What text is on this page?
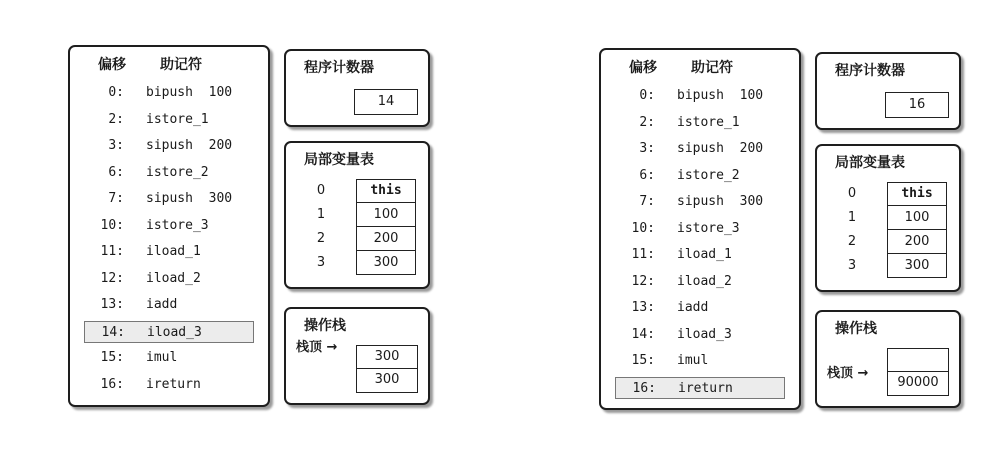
偏移 助记符
0: bipush  100
2: istore_1
3: sipush  200
6: istore_2
7: sipush  300
10: istore_3
11: iload_1
12: iload_2
13: iadd
14: iload_3
15: imul
16: ireturn
程序计数器
14
局部变量表
0	this
1	100
2	200
3	300
操作栈
栈顶 →
300
300
偏移 助记符
0: bipush  100
2: istore_1
3: sipush  200
6: istore_2
7: sipush  300
10: istore_3
11: iload_1
12: iload_2
13: iadd
14: iload_3
15: imul
16: ireturn
程序计数器
16
局部变量表
0	this
1	100
2	200
3	300
操作栈
栈顶 →
90000
